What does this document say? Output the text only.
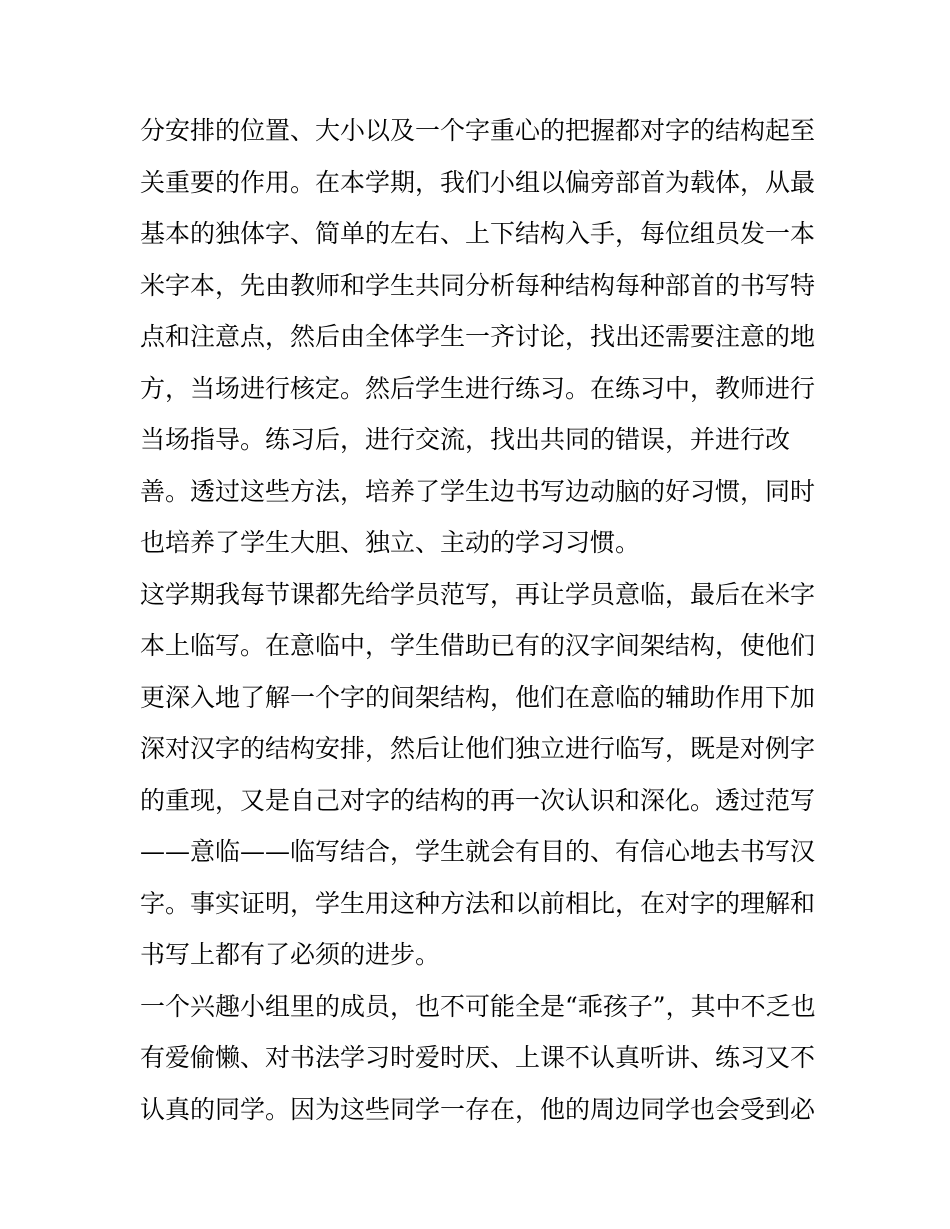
分安排的位置、大小以及一个字重心的把握都对字的结构起至
关重要的作用。在本学期，我们小组以偏旁部首为载体，从最
基本的独体字、简单的左右、上下结构入手，每位组员发一本
米字本，先由教师和学生共同分析每种结构每种部首的书写特
点和注意点，然后由全体学生一齐讨论，找出还需要注意的地
方，当场进行核定。然后学生进行练习。在练习中，教师进行
当场指导。练习后，进行交流，找出共同的错误，并进行改
善。透过这些方法，培养了学生边书写边动脑的好习惯，同时
也培养了学生大胆、独立、主动的学习习惯。
这学期我每节课都先给学员范写，再让学员意临，最后在米字
本上临写。在意临中，学生借助已有的汉字间架结构，使他们
更深入地了解一个字的间架结构，他们在意临的辅助作用下加
深对汉字的结构安排，然后让他们独立进行临写，既是对例字
的重现，又是自己对字的结构的再一次认识和深化。透过范写
——意临——临写结合，学生就会有目的、有信心地去书写汉
字。事实证明，学生用这种方法和以前相比，在对字的理解和
书写上都有了必须的进步。
一个兴趣小组里的成员，也不可能全是“乖孩子”，其中不乏也
有爱偷懒、对书法学习时爱时厌、上课不认真听讲、练习又不
认真的同学。因为这些同学一存在，他的周边同学也会受到必
